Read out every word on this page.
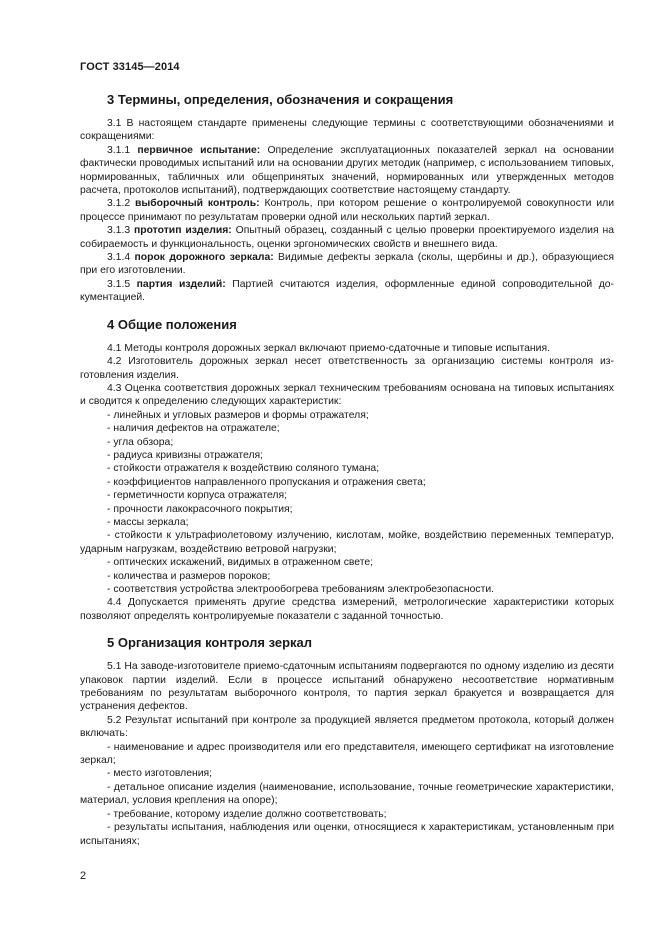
ГОСТ 33145—2014
3 Термины, определения, обозначения и сокращения

3.1 В настоящем стандарте применены следующие термины с соответствующими обозначениями и сокращениями:

3.1.1 первичное испытание: Определение эксплуатационных показателей зеркал на основании фактически проводимых испытаний или на основании других методик (например, с использованием типовых, нормированных, табличных или общепринятых значений, нормированных или утвержденных методов расчета, протоколов испытаний), подтверждающих соответствие настоящему стандарту.

3.1.2 выборочный контроль: Контроль, при котором решение о контролируемой совокупности или процессе принимают по результатам проверки одной или нескольких партий зеркал.

3.1.3 прототип изделия: Опытный образец, созданный с целью проверки проектируемого изделия на собираемость и функциональность, оценки эргономических свойств и внешнего вида.

3.1.4 порок дорожного зеркала: Видимые дефекты зеркала (сколы, щербины и др.), образующиеся при его изготовлении.

3.1.5 партия изделий: Партией считаются изделия, оформленные единой сопроводительной документацией.

4 Общие положения

4.1 Методы контроля дорожных зеркал включают приемо-сдаточные и типовые испытания.

4.2 Изготовитель дорожных зеркал несет ответственность за организацию системы контроля изготовления изделия.

4.3 Оценка соответствия дорожных зеркал техническим требованиям основана на типовых испытаниях и сводится к определению следующих характеристик:

- линейных и угловых размеров и формы отражателя;

- наличия дефектов на отражателе;

- угла обзора;

- радиуса кривизны отражателя;

- стойкости отражателя к воздействию соляного тумана;

- коэффициентов направленного пропускания и отражения света;

- герметичности корпуса отражателя;

- прочности лакокрасочного покрытия;

- массы зеркала;

- стойкости к ультрафиолетовому излучению, кислотам, мойке, воздействию переменных температур, ударным нагрузкам, воздействию ветровой нагрузки;

- оптических искажений, видимых в отраженном свете;

- количества и размеров пороков;

- соответствия устройства электрообогрева требованиям электробезопасности.

4.4 Допускается применять другие средства измерений, метрологические характеристики которых позволяют определять контролируемые показатели с заданной точностью.

5 Организация контроля зеркал

5.1 На заводе-изготовителе приемо-сдаточным испытаниям подвергаются по одному изделию из десяти упаковок партии изделий. Если в процессе испытаний обнаружено несоответствие нормативным требованиям по результатам выборочного контроля, то партия зеркал бракуется и возвращается для устранения дефектов.

5.2 Результат испытаний при контроле за продукцией является предметом протокола, который должен включать:

- наименование и адрес производителя или его представителя, имеющего сертификат на изготовление зеркал;

- место изготовления;

- детальное описание изделия (наименование, использование, точные геометрические характеристики, материал, условия крепления на опоре);

- требование, которому изделие должно соответствовать;

- результаты испытания, наблюдения или оценки, относящиеся к характеристикам, установленным при испытаниях;

2
